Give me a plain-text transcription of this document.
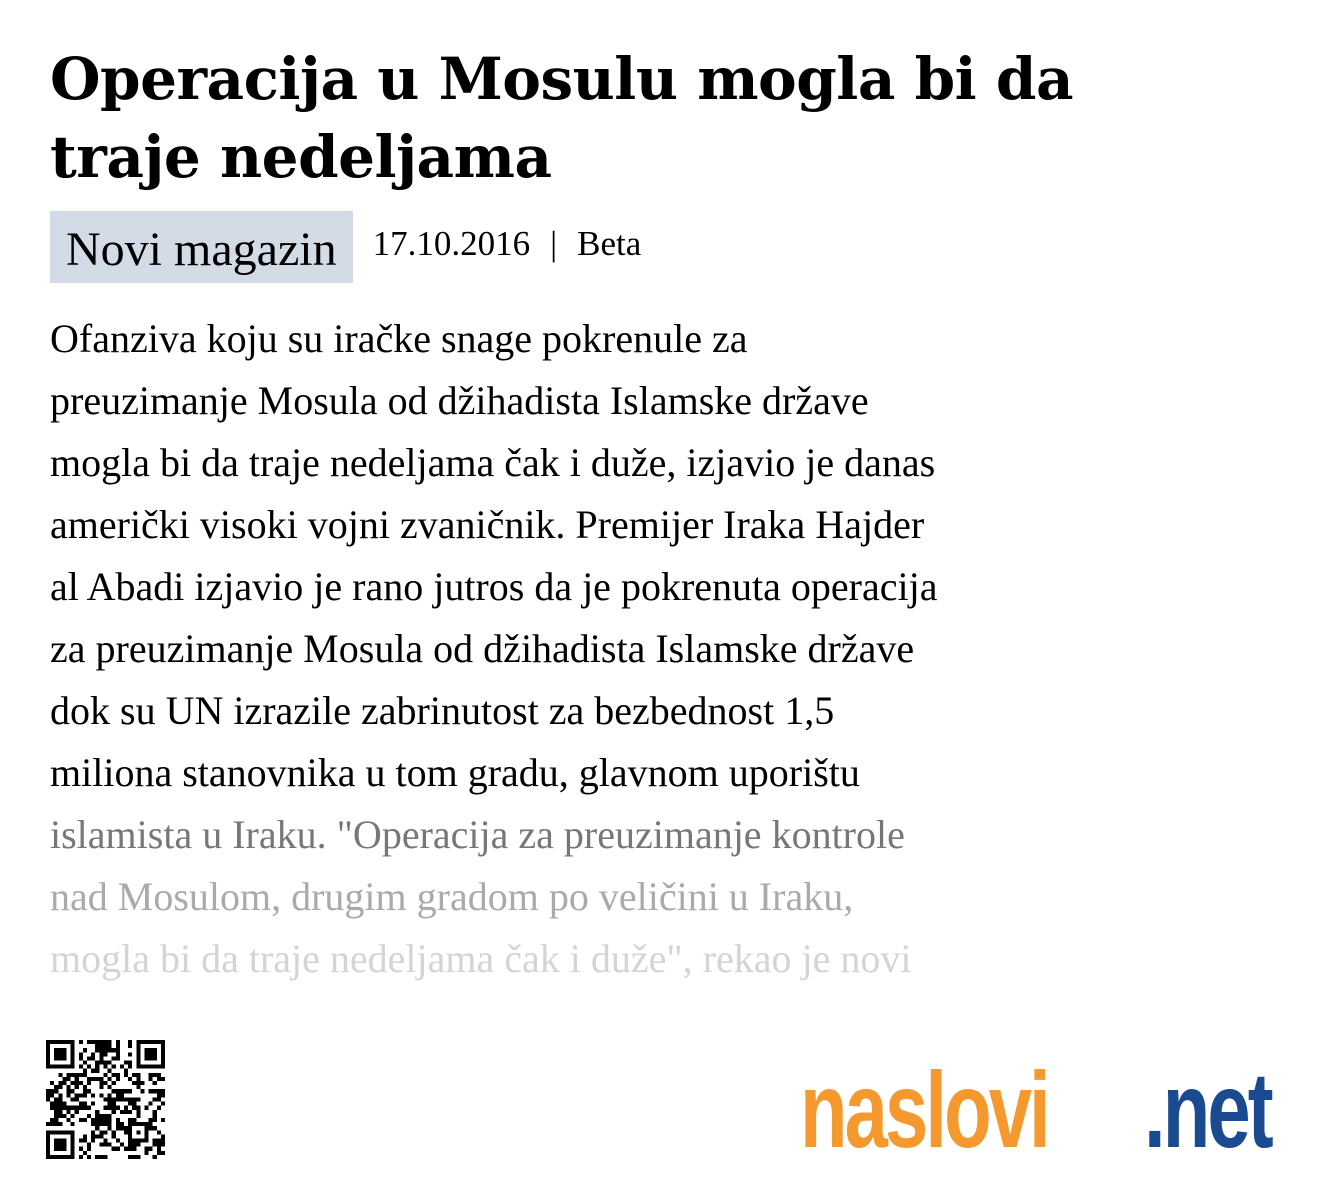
Operacija u Mosulu mogla bi da traje nedeljama
Novi magazin	17.10.2016 | Beta
Ofanziva koju su iračke snage pokrenule za
preuzimanje Mosula od džihadista Islamske države
mogla bi da traje nedeljama čak i duže, izjavio je danas
američki visoki vojni zvaničnik. Premijer Iraka Hajder
al Abadi izjavio je rano jutros da je pokrenuta operacija
za preuzimanje Mosula od džihadista Islamske države
dok su UN izrazile zabrinutost za bezbednost 1,5
miliona stanovnika u tom gradu, glavnom uporištu
islamista u Iraku. "Operacija za preuzimanje kontrole
nad Mosulom, drugim gradom po veličini u Iraku,
mogla bi da traje nedeljama čak i duže", rekao je novi
naslovi .net
